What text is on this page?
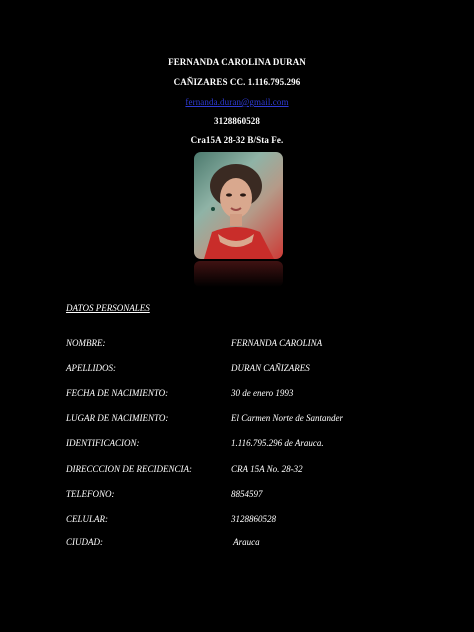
FERNANDA CAROLINA DURAN
CAÑIZARES CC. 1.116.795.296
fernanda.duran@gmail.com
3128860528
Cra15A 28-32 B/Sta Fe.
DATOS PERSONALES
NOMBRE:	FERNANDA CAROLINA
APELLIDOS:	DURAN CAÑIZARES
FECHA DE NACIMIENTO:	30 de enero 1993
LUGAR DE NACIMIENTO:	El Carmen Norte de Santander
IDENTIFICACION:	1.116.795.296 de Arauca.
DIRECCCION DE RECIDENCIA:	CRA 15A No. 28-32
TELEFONO:	8854597
CELULAR:	3128860528
CIUDAD:	Arauca
